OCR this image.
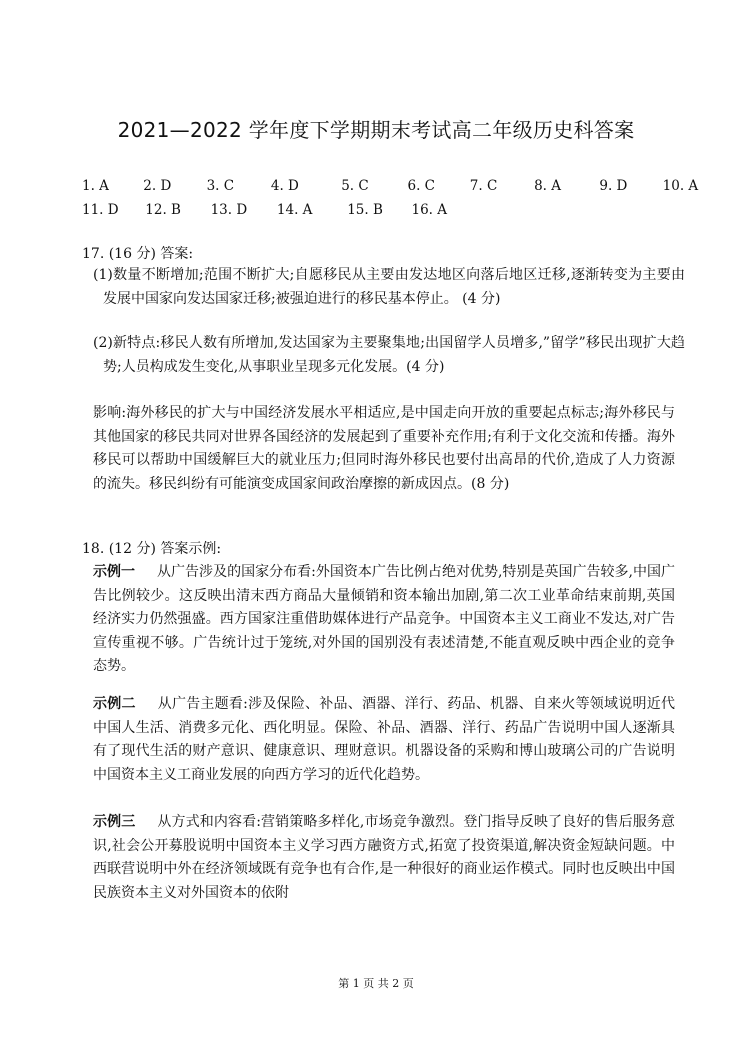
2021—2022 学年度下学期期末考试高二年级历史科答案
1. A	2. D	3. C	4. D	5. C	6. C	7. C	8. A	9. D	10. A
11. D 12. B 13. D 14. A	15. B 16. A
17. (16 分) 答案:
(1)数量不断增加;范围不断扩大;自愿移民从主要由发达地区向落后地区迁移,逐渐转变为主要由发展中国家向发达国家迁移;被强迫进行的移民基本停止。 (4 分)
(2)新特点:移民人数有所增加,发达国家为主要聚集地;出国留学人员增多,”留学”移民出现扩大趋势;人员构成发生变化,从事职业呈现多元化发展。(4 分)
影响:海外移民的扩大与中国经济发展水平相适应,是中国走向开放的重要起点标志;海外移民与其他国家的移民共同对世界各国经济的发展起到了重要补充作用;有利于文化交流和传播。海外移民可以帮助中国缓解巨大的就业压力;但同时海外移民也要付出高昂的代价,造成了人力资源的流失。移民纠纷有可能演变成国家间政治摩擦的新成因点。(8 分)
18. (12 分) 答案示例:
示例一 从广告涉及的国家分布看:外国资本广告比例占绝对优势,特别是英国广告较多,中国广告比例较少。这反映出清末西方商品大量倾销和资本输出加剧,第二次工业革命结束前期,英国经济实力仍然强盛。西方国家注重借助媒体进行产品竞争。中国资本主义工商业不发达,对广告宣传重视不够。广告统计过于笼统,对外国的国别没有表述清楚,不能直观反映中西企业的竞争态势。
示例二 从广告主题看:涉及保险、补品、酒器、洋行、药品、机器、自来火等领域说明近代中国人生活、消费多元化、西化明显。保险、补品、酒器、洋行、药品广告说明中国人逐渐具有了现代生活的财产意识、健康意识、理财意识。机器设备的采购和博山玻璃公司的广告说明中国资本主义工商业发展的向西方学习的近代化趋势。
示例三 从方式和内容看:营销策略多样化,市场竞争激烈。登门指导反映了良好的售后服务意识,社会公开募股说明中国资本主义学习西方融资方式,拓宽了投资渠道,解决资金短缺问题。中西联营说明中外在经济领域既有竞争也有合作,是一种很好的商业运作模式。同时也反映出中国民族资本主义对外国资本的依附
第 1 页 共 2 页
